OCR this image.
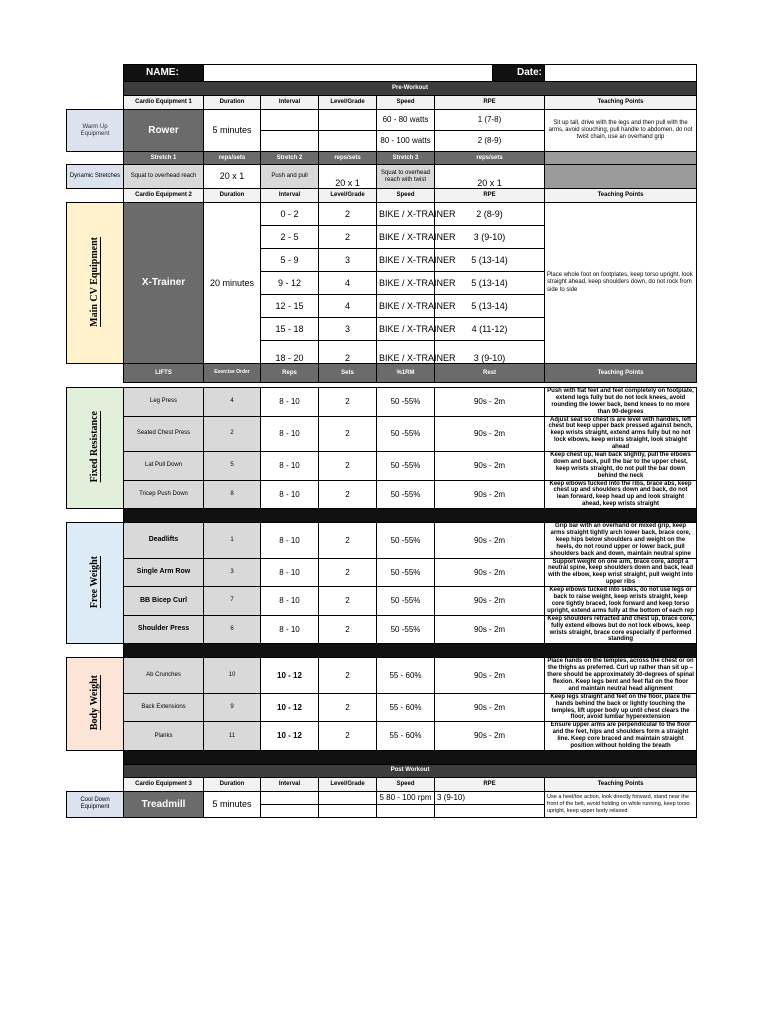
	NAME:						Date:	
	Pre-Workout							
	Cardio Equipment 1	Duration	Interval	Level/Grade	Speed	RPE		Teaching Points
Warm Up Equipment	Rower	5 minutes			60 - 80 watts	1 (7-8)		Sit up tall, drive with the legs and then pull with the arms, avoid slouching, pull handle to abdomen, do not twist chain, use an overhand grip
					80 - 100 watts	2 (8-9)		
	Stretch 1	reps/sets	Stretch 2	reps/sets	Stretch 3	reps/sets		
Dynamic Stretches	Squat to overhead reach	20 x 1	Push and pull	20 x 1	Squat to overhead reach with twist	20 x 1		
	Cardio Equipment 2	Duration	Interval	Level/Grade	Speed	RPE		Teaching Points
Main CV Equipment	X-Trainer	20 minutes	0 - 2	2	BIKE / X-TRAINER	2 (8-9)		Place whole foot on footplates, keep torso upright, look straight ahead, keep shoulders down, do not rock from side to side
			2 - 5	2	BIKE / X-TRAINER	3 (9-10)		
			5 - 9	3	BIKE / X-TRAINER	5 (13-14)		
			9 - 12	4	BIKE / X-TRAINER	5 (13-14)		
			12 - 15	4	BIKE / X-TRAINER	5 (13-14)		
			15 - 18	3	BIKE / X-TRAINER	4 (11-12)		
			18 - 20	2	BIKE / X-TRAINER	3 (9-10)		
	LIFTS	Exercise Order	Reps	Sets	%1RM	Rest		Teaching Points

Fixed Resistance	Leg Press	4	8 - 10	2	50 -55%	90s - 2m		Push with flat feet and feet completely on footplate, extend legs fully but do not lock knees, avoid rounding the lower back, bend knees to no more than 90-degrees
	Seated Chest Press	2	8 - 10	2	50 -55%	90s - 2m		Adjust seat so chest is are level with handles, left chest but keep upper back pressed against bench, keep wrists straight, extend arms fully but no not lock elbows, keep wrists straight, look straight ahead
	Lat Pull Down	5	8 - 10	2	50 -55%	90s - 2m		Keep chest up, lean back slightly, pull the elbows down and back, pull the bar to the upper chest, keep wrists straight, do not pull the bar down behind the neck
	Tricep Push Down	8	8 - 10	2	50 -55%	90s - 2m		Keep elbows tucked into the ribs, brace abs, keep chest up and shoulders down and back, do not lean forward, keep head up and look straight ahead, keep wrists straight

Free Weight	Deadlifts	1	8 - 10	2	50 -55%	90s - 2m		Grip bar with an overhand or mixed grip, keep arms straight tightly arch lower back, brace core, keep hips below shoulders and weight on the heels, do not round upper or lower back, pull shoulders back and down, maintain neutral spine
	Single Arm Row	3	8 - 10	2	50 -55%	90s - 2m		Support weight on one arm, brace core, adopt a neutral spine, keep shoulders down and back, lead with the elbow, keep wrist straight, pull weight into upper ribs
	BB Bicep Curl	7	8 - 10	2	50 -55%	90s - 2m		Keep elbows tucked into sides, do not use legs or back to raise weight, keep wrists straight, keep core tightly braced, look forward and keep torso upright, extend arms fully at the bottom of each rep
	Shoulder Press	6	8 - 10	2	50 -55%	90s - 2m		Keep shoulders retracted and chest up, brace core, fully extend elbows but do not lock elbows, keep wrists straight, brace core especially if performed standing

Body Weight	Ab Crunches	10	10 - 12	2	55 - 60%	90s - 2m		Place hands on the temples, across the chest or on the thighs as preferred. Curl up rather than sit up – there should be approximately 30-degrees of spinal flexion. Keep legs bent and feet flat on the floor and maintain neutral head alignment
	Back Extensions	9	10 - 12	2	55 - 60%	90s - 2m		Keep legs straight and feet on the floor, place the hands behind the back or lightly touching the temples, lift upper body up until chest clears the floor, avoid lumbar hyperextension
	Planks	11	10 - 12	2	55 - 60%	90s - 2m		Ensure upper arms are perpendicular to the floor and the feet, hips and shoulders form a straight line. Keep core braced and maintain straight position without holding the breath

	Post Workout							
	Cardio Equipment 3	Duration	Interval	Level/Grade	Speed	RPE		Teaching Points
Cool Down Equipment	Treadmill	5 minutes			5 80 - 100 rpm	3 (9-10)		Use a heel/toe action, look directly forward, stand near the front of the belt, avoid holding on while running, keep torso upright, keep upper body relaxed
